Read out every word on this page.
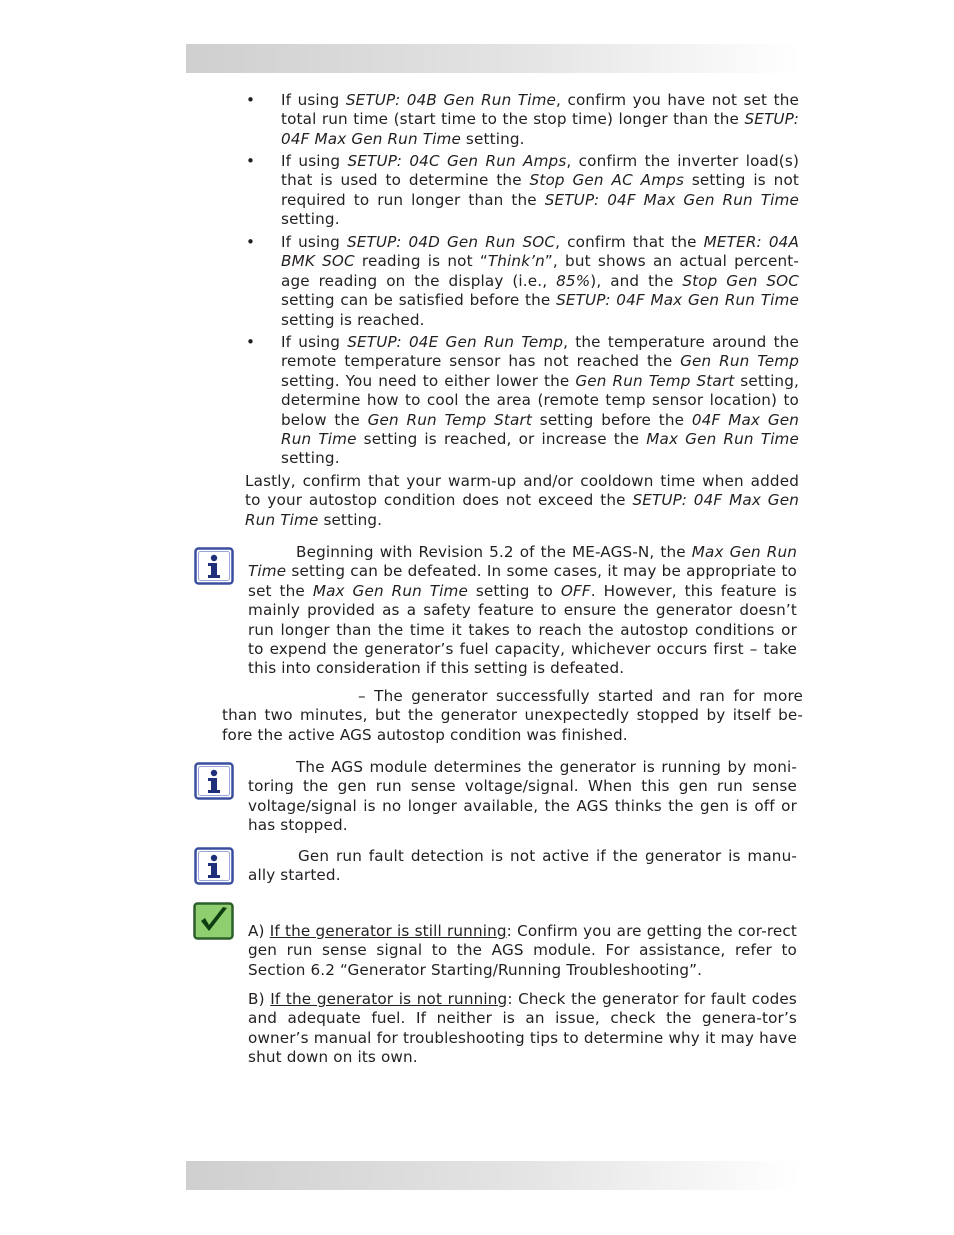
• If using SETUP: 04B Gen Run Time, confirm you have not set the total run time (start time to the stop time) longer than the SETUP: 04F Max Gen Run Time setting.

• If using SETUP: 04C Gen Run Amps, confirm the inverter load(s) that is used to determine the Stop Gen AC Amps setting is not required to run longer than the SETUP: 04F Max Gen Run Time setting.

• If using SETUP: 04D Gen Run SOC, confirm that the METER: 04A BMK SOC reading is not “Think’n”, but shows an actual percent-age reading on the display (i.e., 85%), and the Stop Gen SOC setting can be satisfied before the SETUP: 04F Max Gen Run Time setting is reached.

• If using SETUP: 04E Gen Run Temp, the temperature around the remote temperature sensor has not reached the Gen Run Temp setting. You need to either lower the Gen Run Temp Start setting, determine how to cool the area (remote temp sensor location) to below the Gen Run Temp Start setting before the 04F Max Gen Run Time setting is reached, or increase the Max Gen Run Time setting.

Lastly, confirm that your warm-up and/or cooldown time when added to your autostop condition does not exceed the SETUP: 04F Max Gen Run Time setting.

Beginning with Revision 5.2 of the ME-AGS-N, the Max Gen Run Time setting can be defeated. In some cases, it may be appropriate to set the Max Gen Run Time setting to OFF. However, this feature is mainly provided as a safety feature to ensure the generator doesn’t run longer than the time it takes to reach the autostop conditions or to expend the generator’s fuel capacity, whichever occurs first – take this into consideration if this setting is defeated.

– The generator successfully started and ran for more than two minutes, but the generator unexpectedly stopped by itself be-fore the active AGS autostop condition was finished.

The AGS module determines the generator is running by moni-toring the gen run sense voltage/signal. When this gen run sense voltage/signal is no longer available, the AGS thinks the gen is off or has stopped.

Gen run fault detection is not active if the generator is manu-ally started.

A) If the generator is still running: Confirm you are getting the cor-rect gen run sense signal to the AGS module. For assistance, refer to Section 6.2 “Generator Starting/Running Troubleshooting”.

B) If the generator is not running: Check the generator for fault codes and adequate fuel. If neither is an issue, check the genera-tor’s owner’s manual for troubleshooting tips to determine why it may have shut down on its own.
